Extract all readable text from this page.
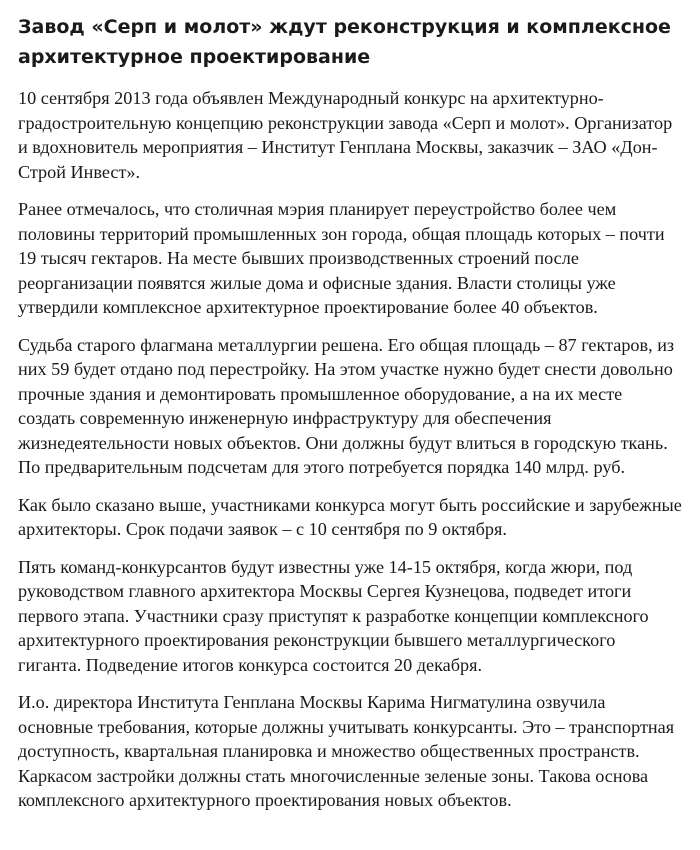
Завод «Серп и молот» ждут реконструкция и комплексное архитектурное проектирование

10 сентября 2013 года объявлен Международный конкурс на архитектурно-градостроительную концепцию реконструкции завода «Серп и молот». Организатор и вдохновитель мероприятия – Институт Генплана Москвы, заказчик – ЗАО «Дон-Строй Инвест».

Ранее отмечалось, что столичная мэрия планирует переустройство более чем половины территорий промышленных зон города, общая площадь которых – почти 19 тысяч гектаров. На месте бывших производственных строений после реорганизации появятся жилые дома и офисные здания. Власти столицы уже утвердили комплексное архитектурное проектирование более 40 объектов.

Судьба старого флагмана металлургии решена. Его общая площадь – 87 гектаров, из них 59 будет отдано под перестройку. На этом участке нужно будет снести довольно прочные здания и демонтировать промышленное оборудование, а на их месте создать современную инженерную инфраструктуру для обеспечения жизнедеятельности новых объектов. Они должны будут влиться в городскую ткань. По предварительным подсчетам для этого потребуется порядка 140 млрд. руб.

Как было сказано выше, участниками конкурса могут быть российские и зарубежные архитекторы. Срок подачи заявок – с 10 сентября по 9 октября.

Пять команд-конкурсантов будут известны уже 14-15 октября, когда жюри, под руководством главного архитектора Москвы Сергея Кузнецова, подведет итоги первого этапа. Участники сразу приступят к разработке концепции комплексного архитектурного проектирования реконструкции бывшего металлургического гиганта. Подведение итогов конкурса состоится 20 декабря.

И.о. директора Института Генплана Москвы Карима Нигматулина озвучила основные требования, которые должны учитывать конкурсанты. Это – транспортная доступность, квартальная планировка и множество общественных пространств. Каркасом застройки должны стать многочисленные зеленые зоны. Такова основа комплексного архитектурного проектирования новых объектов.
